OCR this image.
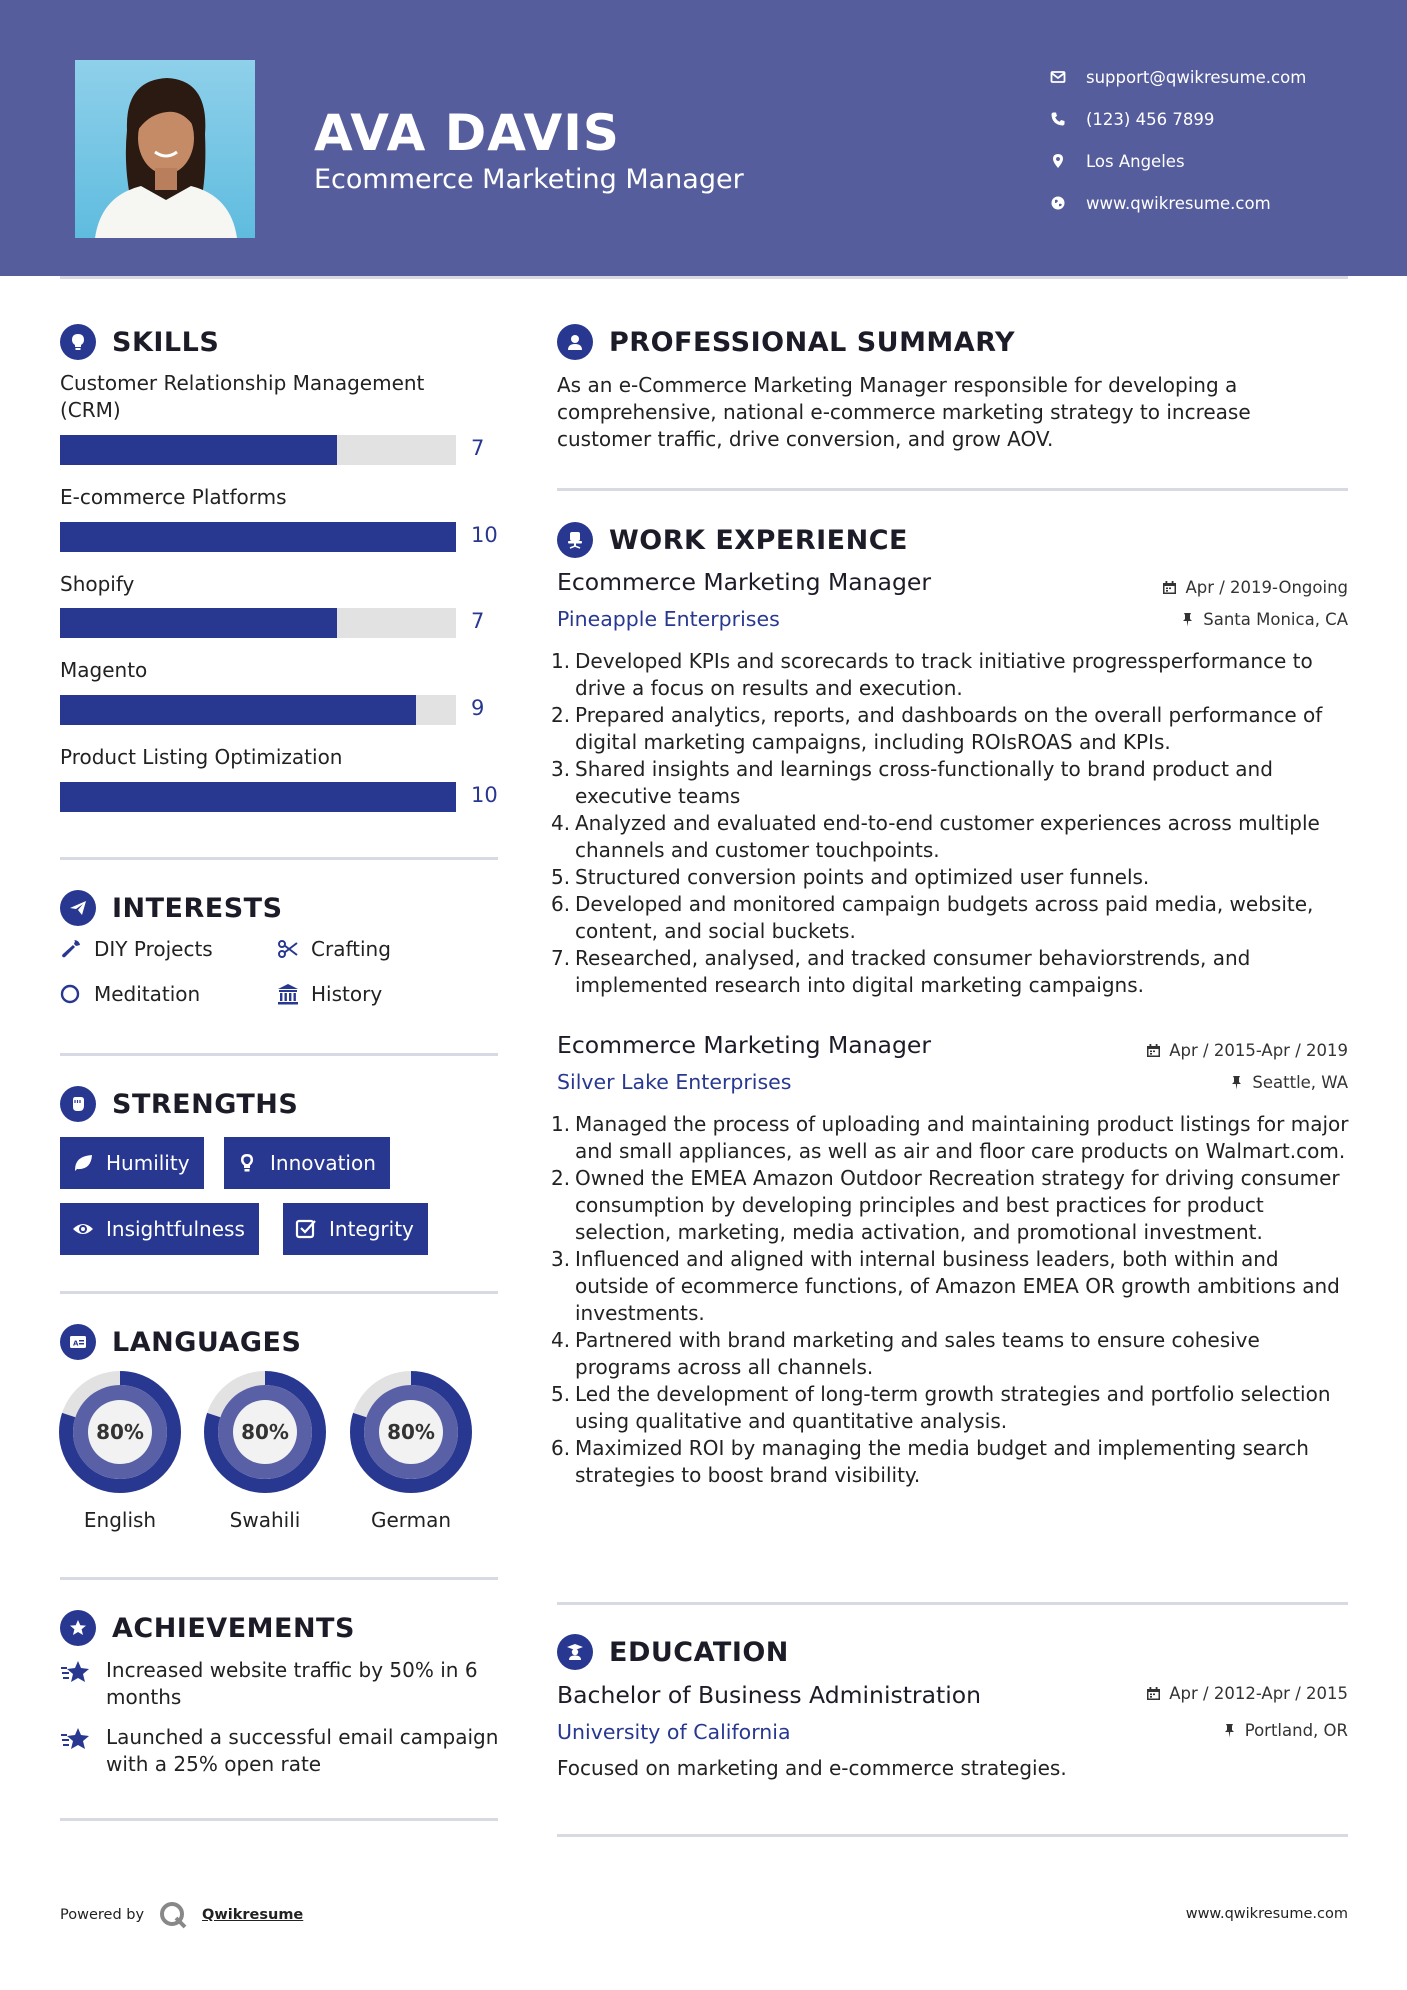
AVA DAVIS
Ecommerce Marketing Manager
support@qwikresume.com
(123) 456 7899
Los Angeles
www.qwikresume.com
SKILLS
Customer Relationship Management (CRM)
7
E-commerce Platforms
10
Shopify
7
Magento
9
Product Listing Optimization
10
INTERESTS
DIY Projects	Crafting
Meditation	History
STRENGTHS
Humility	Innovation
Insightfulness	Integrity
A LANGUAGES
80%
English
80%
Swahili
80%
German
ACHIEVEMENTS
Increased website traffic by 50% in 6 months
Launched a successful email campaign with a 25% open rate
PROFESSIONAL SUMMARY
As an e-Commerce Marketing Manager responsible for developing a comprehensive, national e-commerce marketing strategy to increase customer traffic, drive conversion, and grow AOV.
WORK EXPERIENCE
Ecommerce Marketing Manager	Apr / 2019-Ongoing
Pineapple Enterprises	Santa Monica, CA
1. Developed KPIs and scorecards to track initiative progressperformance to drive a focus on results and execution.
2. Prepared analytics, reports, and dashboards on the overall performance of digital marketing campaigns, including ROIsROAS and KPIs.
3. Shared insights and learnings cross-functionally to brand product and executive teams
4. Analyzed and evaluated end-to-end customer experiences across multiple channels and customer touchpoints.
5. Structured conversion points and optimized user funnels.
6. Developed and monitored campaign budgets across paid media, website, content, and social buckets.
7. Researched, analysed, and tracked consumer behaviorstrends, and implemented research into digital marketing campaigns.
Ecommerce Marketing Manager	Apr / 2015-Apr / 2019
Silver Lake Enterprises	Seattle, WA
1. Managed the process of uploading and maintaining product listings for major and small appliances, as well as air and floor care products on Walmart.com.
2. Owned the EMEA Amazon Outdoor Recreation strategy for driving consumer consumption by developing principles and best practices for product selection, marketing, media activation, and promotional investment.
3. Influenced and aligned with internal business leaders, both within and outside of ecommerce functions, of Amazon EMEA OR growth ambitions and investments.
4. Partnered with brand marketing and sales teams to ensure cohesive programs across all channels.
5. Led the development of long-term growth strategies and portfolio selection using qualitative and quantitative analysis.
6. Maximized ROI by managing the media budget and implementing search strategies to boost brand visibility.
EDUCATION
Bachelor of Business Administration	Apr / 2012-Apr / 2015
University of California	Portland, OR
Focused on marketing and e-commerce strategies.
Powered by	Qwikresume	www.qwikresume.com
